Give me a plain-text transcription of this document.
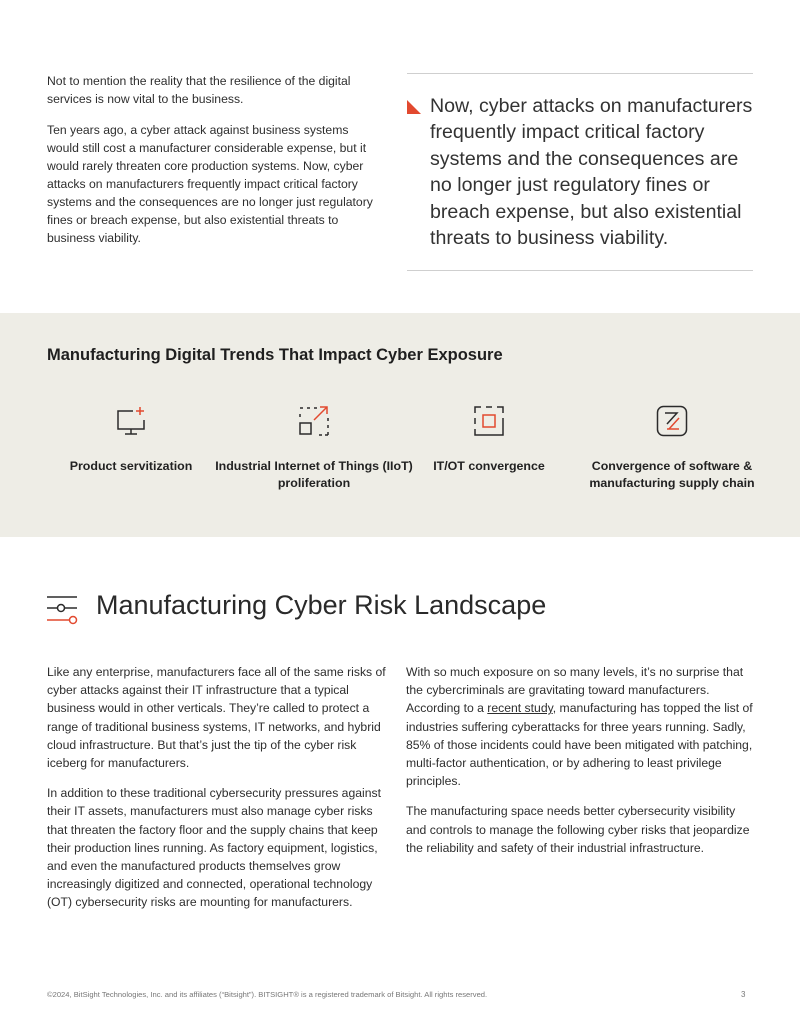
Not to mention the reality that the resilience of the digital services is now vital to the business.

Ten years ago, a cyber attack against business systems would still cost a manufacturer considerable expense, but it would rarely threaten core production systems. Now, cyber attacks on manufacturers frequently impact critical factory systems and the consequences are no longer just regulatory fines or breach expense, but also existential threats to business viability.

Now, cyber attacks on manufacturers frequently impact critical factory systems and the consequences are no longer just regulatory fines or breach expense, but also existential threats to business viability.

Manufacturing Digital Trends That Impact Cyber Exposure
Product servitization	Industrial Internet of Things (IIoT) proliferation
IT/OT convergence	Convergence of software & manufacturing supply chain
Manufacturing Cyber Risk Landscape

Like any enterprise, manufacturers face all of the same risks of cyber attacks against their IT infrastructure that a typical business would in other verticals. They’re called to protect a range of traditional business systems, IT networks, and hybrid cloud infrastructure. But that’s just the tip of the cyber risk iceberg for manufacturers.

In addition to these traditional cybersecurity pressures against their IT assets, manufacturers must also manage cyber risks that threaten the factory floor and the supply chains that keep their production lines running. As factory equipment, logistics, and even the manufactured products themselves grow increasingly digitized and connected, operational technology (OT) cybersecurity risks are mounting for manufacturers.

With so much exposure on so many levels, it’s no surprise that the cybercriminals are gravitating toward manufacturers. According to a recent study, manufacturing has topped the list of industries suffering cyberattacks for three years running. Sadly, 85% of those incidents could have been mitigated with patching, multi-factor authentication, or by adhering to least privilege principles.

The manufacturing space needs better cybersecurity visibility and controls to manage the following cyber risks that jeopardize the reliability and safety of their industrial infrastructure.

©2024, BitSight Technologies, Inc. and its affiliates (“Bitsight”). BITSIGHT® is a registered trademark of Bitsight. All rights reserved.	3
